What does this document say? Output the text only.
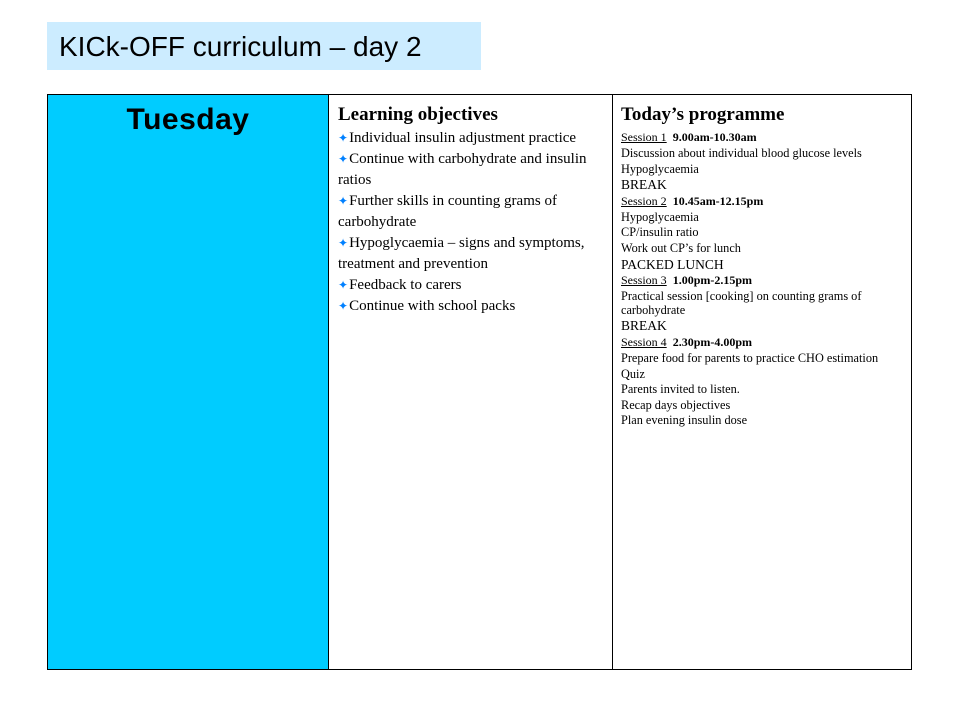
KICk-OFF curriculum – day 2
Tuesday	Learning objectives
✦Individual insulin adjustment practice
✦Continue with carbohydrate and insulin ratios
✦Further skills in counting grams of carbohydrate
✦Hypoglycaemia – signs and symptoms, treatment and prevention
✦Feedback to carers
✦Continue with school packs
Today’s programme
Session 1 9.00am-10.30am
Discussion about individual blood glucose levels
Hypoglycaemia
BREAK
Session 2 10.45am-12.15pm
Hypoglycaemia
CP/insulin ratio
Work out CP’s for lunch
PACKED LUNCH
Session 3 1.00pm-2.15pm
Practical session [cooking] on counting grams of carbohydrate
BREAK
Session 4 2.30pm-4.00pm
Prepare food for parents to practice CHO estimation
Quiz
Parents invited to listen.
Recap days objectives
Plan evening insulin dose
